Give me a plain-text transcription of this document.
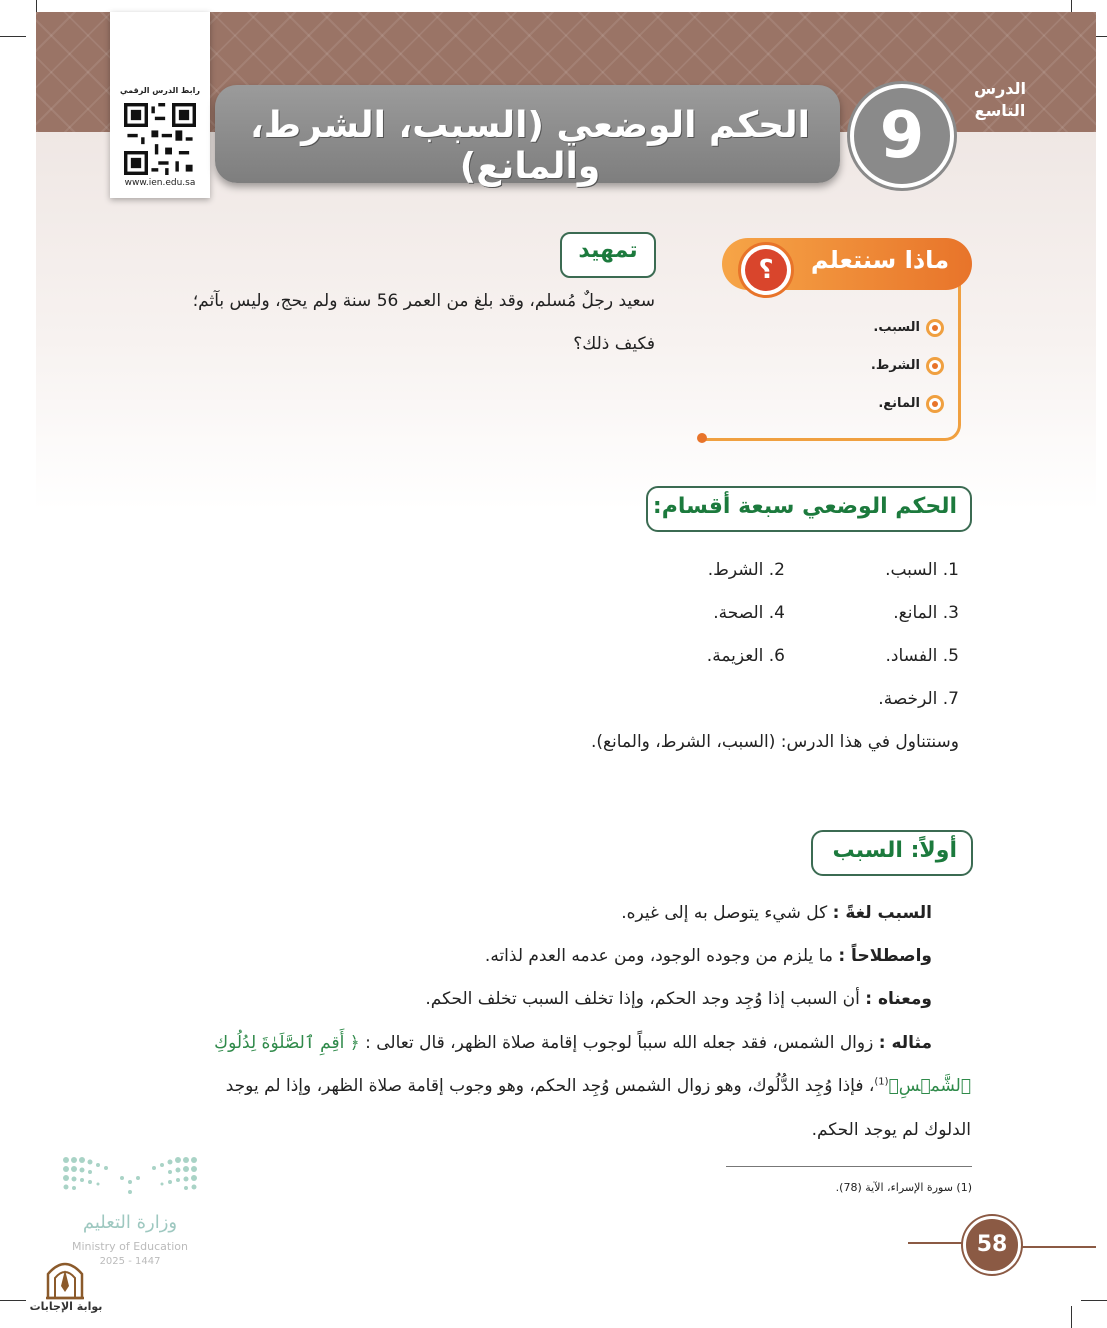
رابط الدرس الرقمي
www.ien.edu.sa
الحكم الوضعي (السبب، الشرط، والمانع)	9
الدرس
التاسع
ماذا سنتعلم
؟
السبب.
الشرط.
المانع.
تمهيد
سعيد رجلٌ مُسلم، وقد بلغ من العمر 56 سنة ولم يحج، وليس بآثم؛
فكيف ذلك؟
الحكم الوضعي سبعة أقسام:
1. السبب.
2. الشرط.
3. المانع.
4. الصحة.
5. الفساد.
6. العزيمة.
7. الرخصة.
وسنتناول في هذا الدرس: (السبب، الشرط، والمانع).
أولاً: السبب
السبب لغةً : كل شيء يتوصل به إلى غيره.
واصطلاحاً : ما يلزم من وجوده الوجود، ومن عدمه العدم لذاته.
ومعناه : أن السبب إذا وُجِد وجد الحكم، وإذا تخلف السبب تخلف الحكم.
مثاله : زوال الشمس، فقد جعله الله سبباً لوجوب إقامة صلاة الظهر، قال تعالى : ﴿ أَقِمِ ٱلصَّلَوٰةَ لِدُلُوكِ
ٱلشَّمۡسِ﴾$^{(1)}$، فإذا وُجِد الدُّلُوك، وهو زوال الشمس وُجِد الحكم، وهو وجوب إقامة صلاة الظهر، وإذا لم يوجد
الدلوك لم يوجد الحكم.
(1) سورة الإسراء، الآية (78).
58
وزارة التعليم
Ministry of Education
2025 - 1447
بوابة الإجابات
